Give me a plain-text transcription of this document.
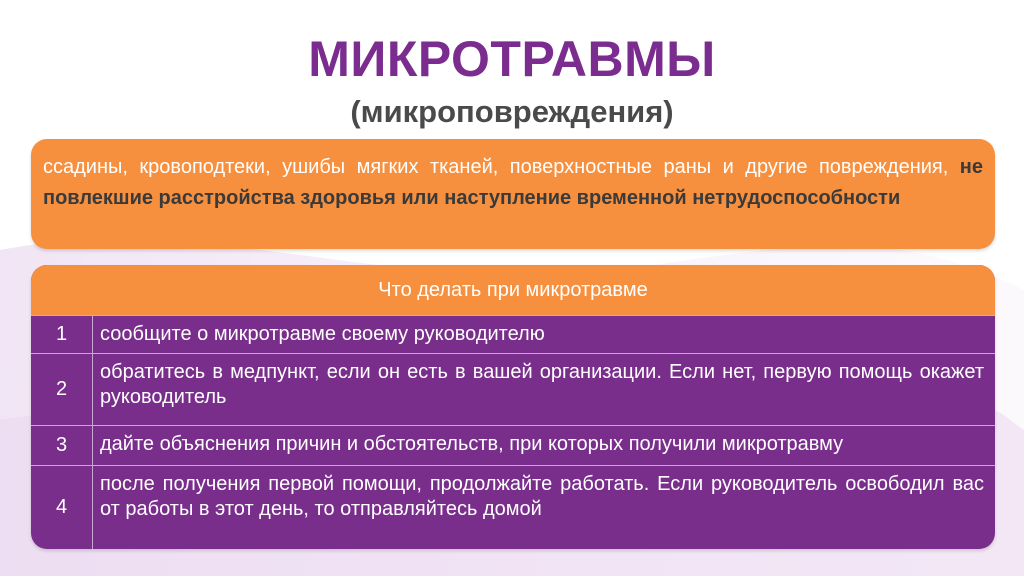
МИКРОТРАВМЫ
(микроповреждения)
ссадины, кровоподтеки, ушибы мягких тканей, поверхностные раны и другие повреждения, не повлекшие расстройства здоровья или наступление временной нетрудоспособности
Что делать при микротравме
1	сообщите о микротравме своему руководителю
2
обратитесь в медпункт, если он есть в вашей организации. Если нет, первую помощь окажет руководитель
3	дайте объяснения причин и обстоятельств, при которых получили микротравму
4
после получения первой помощи, продолжайте работать. Если руководитель освободил вас от работы в этот день, то отправляйтесь домой
